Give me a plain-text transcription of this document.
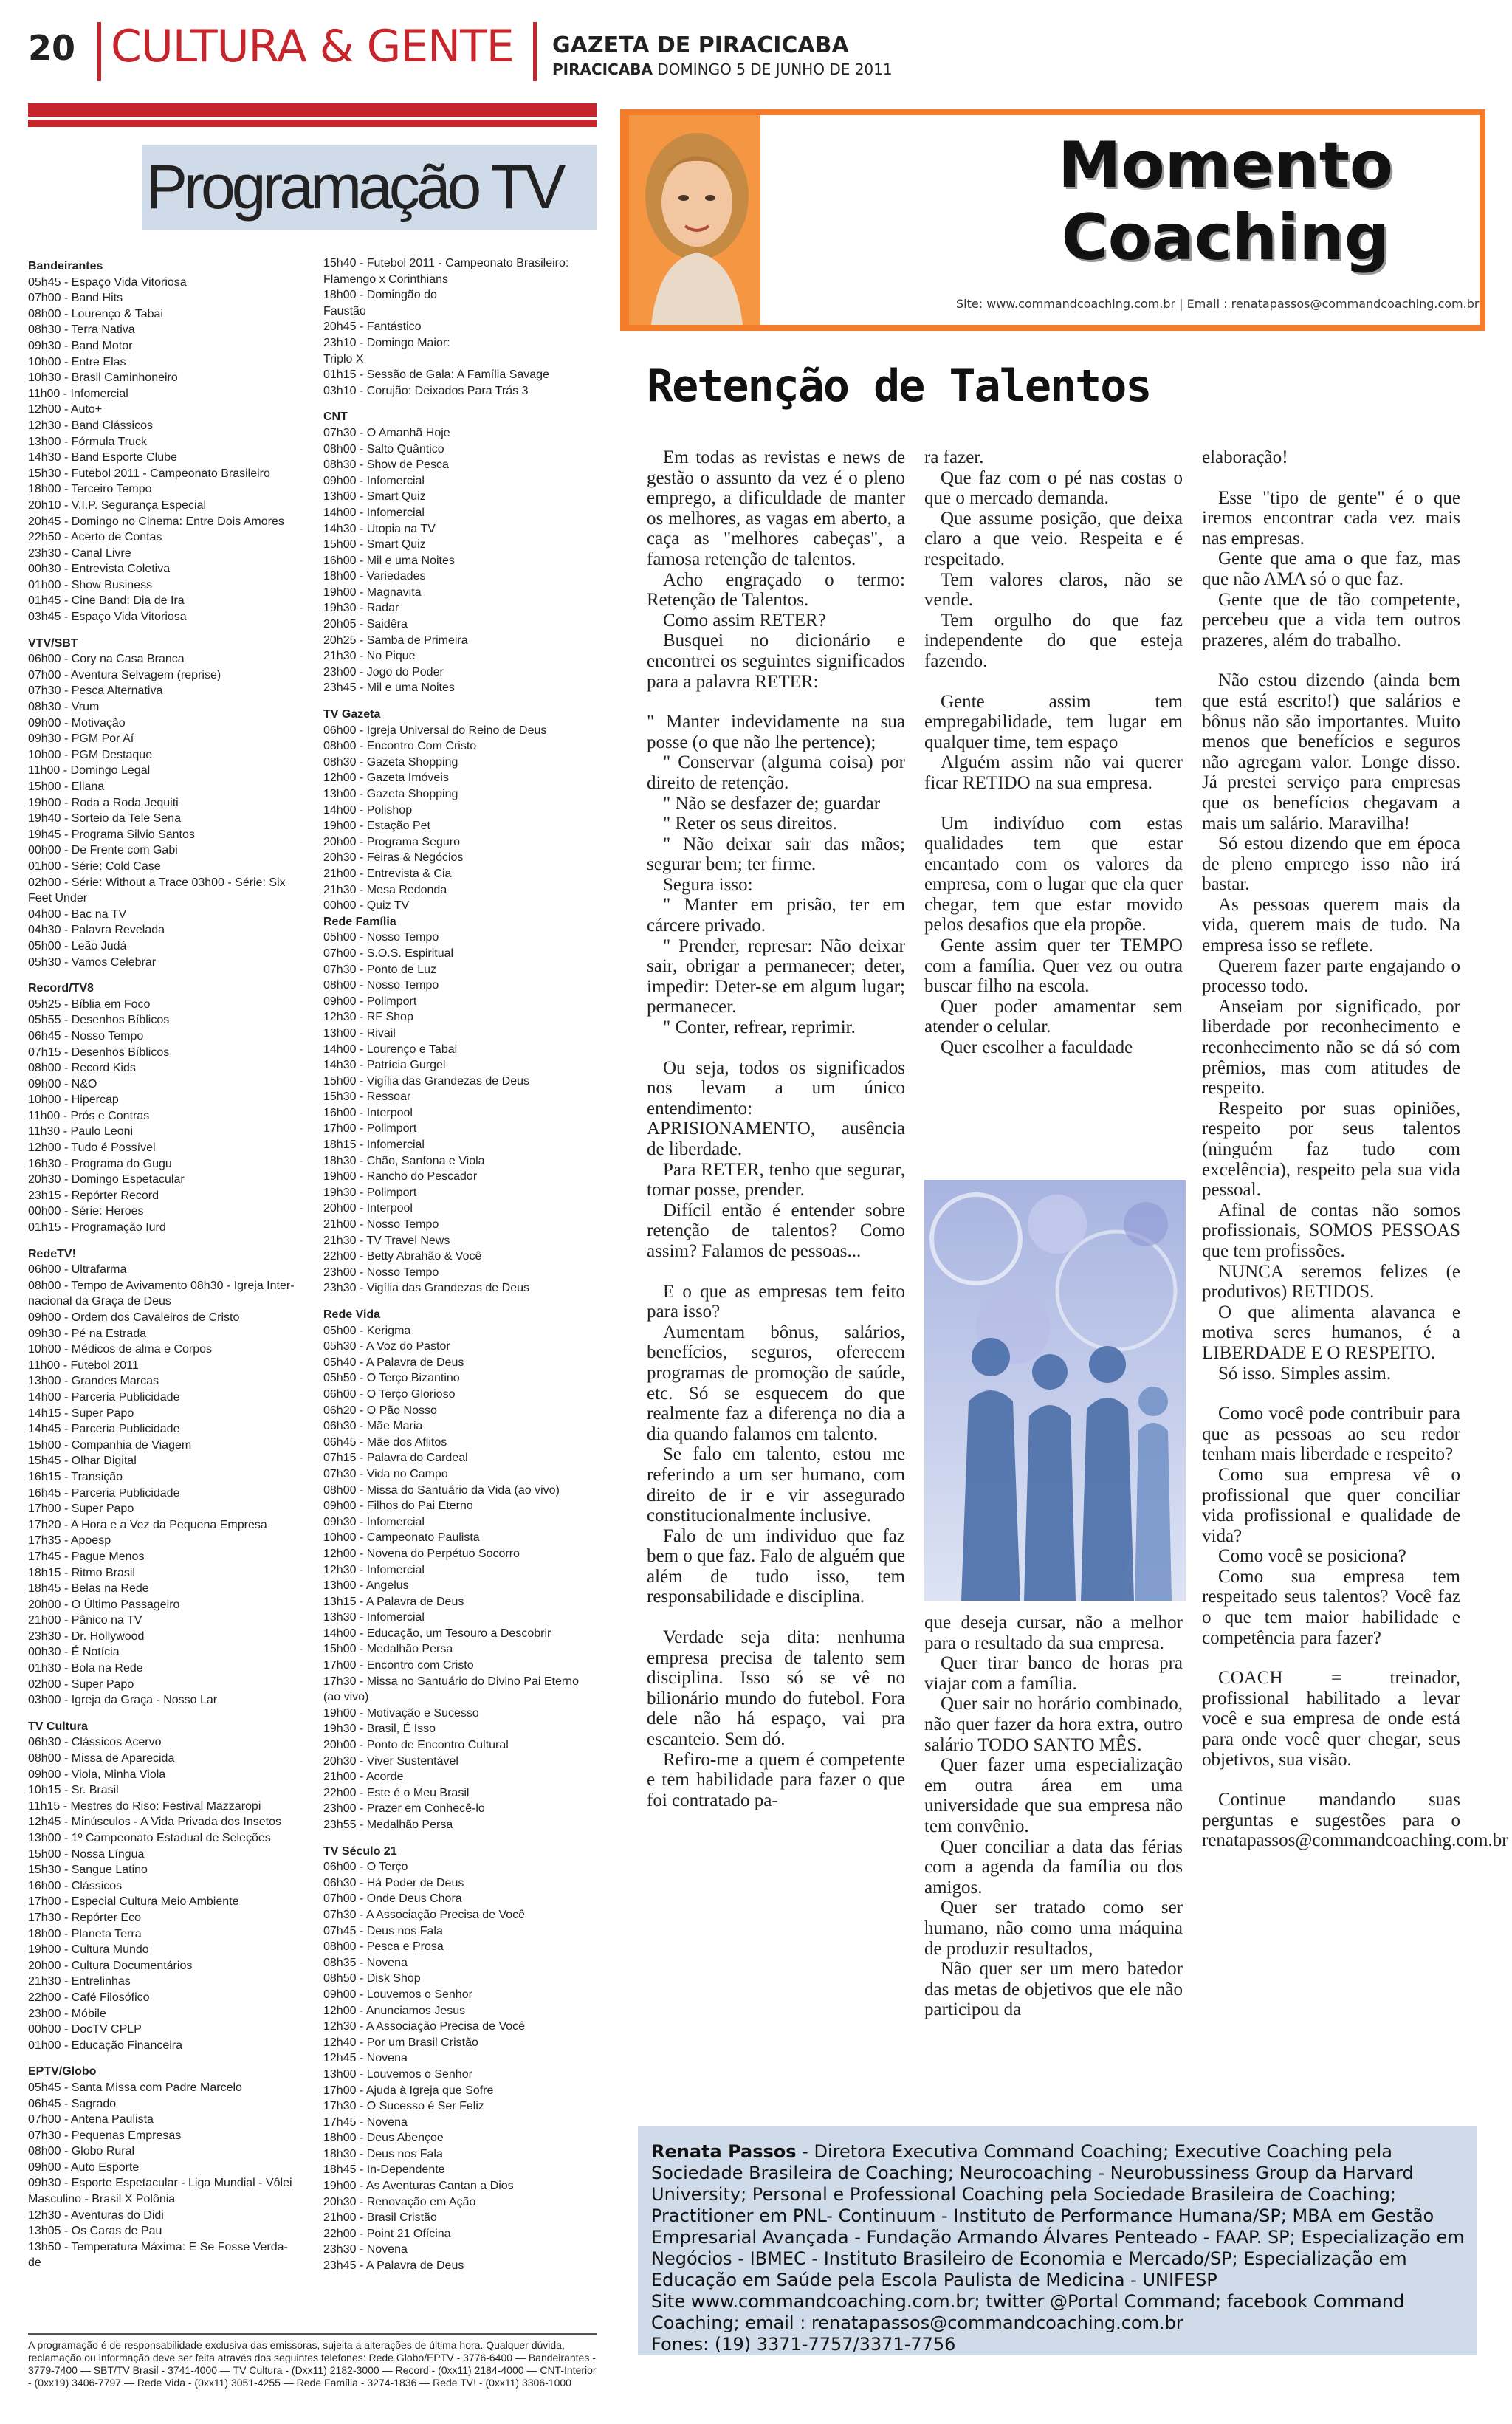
20 CULTURA & GENTE GAZETA DE PIRACICABA
PIRACICABA DOMINGO 5 DE JUNHO DE 2011
Programação TV
Bandeirantes
05h45 - Espaço Vida Vitoriosa
07h00 - Band Hits
08h00 - Lourenço & Tabai
08h30 - Terra Nativa
09h30 - Band Motor
10h00 - Entre Elas
10h30 - Brasil Caminhoneiro
11h00 - Infomercial
12h00 - Auto+
12h30 - Band Clássicos
13h00 - Fórmula Truck
14h30 - Band Esporte Clube
15h30 - Futebol 2011 - Campeonato Brasileiro
18h00 - Terceiro Tempo
20h10 - V.I.P. Segurança Especial
20h45 - Domingo no Cinema: Entre Dois Amores
22h50 - Acerto de Contas
23h30 - Canal Livre
00h30 - Entrevista Coletiva
01h00 - Show Business
01h45 - Cine Band: Dia de Ira
03h45 - Espaço Vida Vitoriosa
VTV/SBT
06h00 - Cory na Casa Branca
07h00 - Aventura Selvagem (reprise)
07h30 - Pesca Alternativa
08h30 - Vrum
09h00 - Motivação
09h30 - PGM Por Aí
10h00 - PGM Destaque
11h00 - Domingo Legal
15h00 - Eliana
19h00 - Roda a Roda Jequiti
19h40 - Sorteio da Tele Sena
19h45 - Programa Silvio Santos
00h00 - De Frente com Gabi
01h00 - Série: Cold Case
02h00 - Série: Without a Trace 03h00 - Série: Six
Feet Under
04h00 - Bac na TV
04h30 - Palavra Revelada
05h00 - Leão Judá
05h30 - Vamos Celebrar
Record/TV8
05h25 - Bíblia em Foco
05h55 - Desenhos Bíblicos
06h45 - Nosso Tempo
07h15 - Desenhos Bíblicos
08h00 - Record Kids
09h00 - N&O
10h00 - Hipercap
11h00 - Prós e Contras
11h30 - Paulo Leoni
12h00 - Tudo é Possível
16h30 - Programa do Gugu
20h30 - Domingo Espetacular
23h15 - Repórter Record
00h00 - Série: Heroes
01h15 - Programação Iurd
RedeTV!
06h00 - Ultrafarma
08h00 - Tempo de Avivamento 08h30 - Igreja Inter-
nacional da Graça de Deus
09h00 - Ordem dos Cavaleiros de Cristo
09h30 - Pé na Estrada
10h00 - Médicos de alma e Corpos
11h00 - Futebol 2011
13h00 - Grandes Marcas
14h00 - Parceria Publicidade
14h15 - Super Papo
14h45 - Parceria Publicidade
15h00 - Companhia de Viagem
15h45 - Olhar Digital
16h15 - Transição
16h45 - Parceria Publicidade
17h00 - Super Papo
17h20 - A Hora e a Vez da Pequena Empresa
17h35 - Apoesp
17h45 - Pague Menos
18h15 - Ritmo Brasil
18h45 - Belas na Rede
20h00 - O Último Passageiro
21h00 - Pânico na TV
23h30 - Dr. Hollywood
00h30 - É Notícia
01h30 - Bola na Rede
02h00 - Super Papo
03h00 - Igreja da Graça - Nosso Lar
TV Cultura
06h30 - Clássicos Acervo
08h00 - Missa de Aparecida
09h00 - Viola, Minha Viola
10h15 - Sr. Brasil
11h15 - Mestres do Riso: Festival Mazzaropi
12h45 - Minúsculos - A Vida Privada dos Insetos
13h00 - 1º Campeonato Estadual de Seleções
15h00 - Nossa Língua
15h30 - Sangue Latino
16h00 - Clássicos
17h00 - Especial Cultura Meio Ambiente
17h30 - Repórter Eco
18h00 - Planeta Terra
19h00 - Cultura Mundo
20h00 - Cultura Documentários
21h30 - Entrelinhas
22h00 - Café Filosófico
23h00 - Móbile
00h00 - DocTV CPLP
01h00 - Educação Financeira
EPTV/Globo
05h45 - Santa Missa com Padre Marcelo
06h45 - Sagrado
07h00 - Antena Paulista
07h30 - Pequenas Empresas
08h00 - Globo Rural
09h00 - Auto Esporte
09h30 - Esporte Espetacular - Liga Mundial - Vôlei
Masculino - Brasil X Polônia
12h30 - Aventuras do Didi
13h05 - Os Caras de Pau
13h50 - Temperatura Máxima: E Se Fosse Verda-
de
15h40 - Futebol 2011 - Campeonato Brasileiro:
Flamengo x Corinthians
18h00 - Domingão do
Faustão
20h45 - Fantástico
23h10 - Domingo Maior:
Triplo X
01h15 - Sessão de Gala: A Família Savage
03h10 - Corujão: Deixados Para Trás 3
CNT
07h30 - O Amanhã Hoje
08h00 - Salto Quântico
08h30 - Show de Pesca
09h00 - Infomercial
13h00 - Smart Quiz
14h00 - Infomercial
14h30 - Utopia na TV
15h00 - Smart Quiz
16h00 - Mil e uma Noites
18h00 - Variedades
19h00 - Magnavita
19h30 - Radar
20h05 - Saidêra
20h25 - Samba de Primeira
21h30 - No Pique
23h00 - Jogo do Poder
23h45 - Mil e uma Noites
TV Gazeta
06h00 - Igreja Universal do Reino de Deus
08h00 - Encontro Com Cristo
08h30 - Gazeta Shopping
12h00 - Gazeta Imóveis
13h00 - Gazeta Shopping
14h00 - Polishop
19h00 - Estação Pet
20h00 - Programa Seguro
20h30 - Feiras & Negócios
21h00 - Entrevista & Cia
21h30 - Mesa Redonda
00h00 - Quiz TV
Rede Família
05h00 - Nosso Tempo
07h00 - S.O.S. Espiritual
07h30 - Ponto de Luz
08h00 - Nosso Tempo
09h00 - Polimport
12h30 - RF Shop
13h00 - Rivail
14h00 - Lourenço e Tabai
14h30 - Patrícia Gurgel
15h00 - Vigília das Grandezas de Deus
15h30 - Ressoar
16h00 - Interpool
17h00 - Polimport
18h15 - Infomercial
18h30 - Chão, Sanfona e Viola
19h00 - Rancho do Pescador
19h30 - Polimport
20h00 - Interpool
21h00 - Nosso Tempo
21h30 - TV Travel News
22h00 - Betty Abrahão & Você
23h00 - Nosso Tempo
23h30 - Vigília das Grandezas de Deus
Rede Vida
05h00 - Kerigma
05h30 - A Voz do Pastor
05h40 - A Palavra de Deus
05h50 - O Terço Bizantino
06h00 - O Terço Glorioso
06h20 - O Pão Nosso
06h30 - Mãe Maria
06h45 - Mãe dos Aflitos
07h15 - Palavra do Cardeal
07h30 - Vida no Campo
08h00 - Missa do Santuário da Vida (ao vivo)
09h00 - Filhos do Pai Eterno
09h30 - Infomercial
10h00 - Campeonato Paulista
12h00 - Novena do Perpétuo Socorro
12h30 - Infomercial
13h00 - Angelus
13h15 - A Palavra de Deus
13h30 - Infomercial
14h00 - Educação, um Tesouro a Descobrir
15h00 - Medalhão Persa
17h00 - Encontro com Cristo
17h30 - Missa no Santuário do Divino Pai Eterno
(ao vivo)
19h00 - Motivação e Sucesso
19h30 - Brasil, É Isso
20h00 - Ponto de Encontro Cultural
20h30 - Viver Sustentável
21h00 - Acorde
22h00 - Este é o Meu Brasil
23h00 - Prazer em Conhecê-lo
23h55 - Medalhão Persa
TV Século 21
06h00 - O Terço
06h30 - Há Poder de Deus
07h00 - Onde Deus Chora
07h30 - A Associação Precisa de Você
07h45 - Deus nos Fala
08h00 - Pesca e Prosa
08h35 - Novena
08h50 - Disk Shop
09h00 - Louvemos o Senhor
12h00 - Anunciamos Jesus
12h30 - A Associação Precisa de Você
12h40 - Por um Brasil Cristão
12h45 - Novena
13h00 - Louvemos o Senhor
17h00 - Ajuda à Igreja que Sofre
17h30 - O Sucesso é Ser Feliz
17h45 - Novena
18h00 - Deus Abençoe
18h30 - Deus nos Fala
18h45 - In-Dependente
19h00 - As Aventuras Cantan a Dios
20h30 - Renovação em Ação
21h00 - Brasil Cristão
22h00 - Point 21 Ofícina
23h30 - Novena
23h45 - A Palavra de Deus
A programação é de responsabilidade exclusiva das emissoras, sujeita a alterações de última hora. Qualquer dúvida, reclamação ou informação deve ser feita através dos seguintes telefones: Rede Globo/EPTV - 3776-6400 — Bandeirantes - 3779-7400 — SBT/TV Brasil - 3741-4000 — TV Cultura - (Dxx11) 2182-3000 — Record - (0xx11) 2184-4000 — CNT-Interior - (0xx19) 3406-7797 — Rede Vida - (0xx11) 3051-4255 — Rede Família - 3274-1836 — Rede TV! - (0xx11) 3306-1000
Renata Passos
Momento Coaching
Site: www.commandcoaching.com.br | Email : renatapassos@commandcoaching.com.br
Retenção de Talentos

Em todas as revistas e news de gestão o assunto da vez é o pleno emprego, a dificuldade de manter os melhores, as vagas em aberto, a caça as "melhores cabeças", a famosa retenção de talentos.

Acho engraçado o termo: Retenção de Talentos.

Como assim RETER?

Busquei no dicionário e encontrei os seguintes significados para a palavra RETER:

" Manter indevidamente na sua posse (o que não lhe pertence);

" Conservar (alguma coisa) por direito de retenção.

" Não se desfazer de; guardar

" Reter os seus direitos.

" Não deixar sair das mãos; segurar bem; ter firme.

Segura isso:

" Manter em prisão, ter em cárcere privado.

" Prender, represar: Não deixar sair, obrigar a permanecer; deter, impedir: Deter-se em algum lugar; permanecer.

" Conter, refrear, reprimir.

Ou seja, todos os significados nos levam a um único entendimento: APRISIONAMENTO, ausência de liberdade.

Para RETER, tenho que segurar, tomar posse, prender.

Difícil então é entender sobre retenção de talentos? Como assim? Falamos de pessoas...

E o que as empresas tem feito para isso?

Aumentam bônus, salários, benefícios, seguros, oferecem programas de promoção de saúde, etc. Só se esquecem do que realmente faz a diferença no dia a dia quando falamos em talento.

Se falo em talento, estou me referindo a um ser humano, com direito de ir e vir assegurado constitucionalmente inclusive.

Falo de um individuo que faz bem o que faz. Falo de alguém que além de tudo isso, tem responsabilidade e disciplina.

Verdade seja dita: nenhuma empresa precisa de talento sem disciplina. Isso só se vê no bilionário mundo do futebol. Fora dele não há espaço, vai pra escanteio. Sem dó.

Refiro-me a quem é competente e tem habilidade para fazer o que foi contratado pa-

ra fazer.

Que faz com o pé nas costas o que o mercado demanda.

Que assume posição, que deixa claro a que veio. Respeita e é respeitado.

Tem valores claros, não se vende.

Tem orgulho do que faz independente do que esteja fazendo.

Gente assim tem empregabilidade, tem lugar em qualquer time, tem espaço

Alguém assim não vai querer ficar RETIDO na sua empresa.

Um indivíduo com estas qualidades tem que estar encantado com os valores da empresa, com o lugar que ela quer chegar, tem que estar movido pelos desafios que ela propõe.

Gente assim quer ter TEMPO com a família. Quer vez ou outra buscar filho na escola.

Quer poder amamentar sem atender o celular.

Quer escolher a faculdade

que deseja cursar, não a melhor para o resultado da sua empresa.

Quer tirar banco de horas pra viajar com a família.

Quer sair no horário combinado, não quer fazer da hora extra, outro salário TODO SANTO MÊS.

Quer fazer uma especialização em outra área em uma universidade que sua empresa não tem convênio.

Quer conciliar a data das férias com a agenda da família ou dos amigos.

Quer ser tratado como ser humano, não como uma máquina de produzir resultados,

Não quer ser um mero batedor das metas de objetivos que ele não participou da

elaboração!

Esse "tipo de gente" é o que iremos encontrar cada vez mais nas empresas.

Gente que ama o que faz, mas que não AMA só o que faz.

Gente que de tão competente, percebeu que a vida tem outros prazeres, além do trabalho.

Não estou dizendo (ainda bem que está escrito!) que salários e bônus não são importantes. Muito menos que benefícios e seguros não agregam valor. Longe disso. Já prestei serviço para empresas que os benefícios chegavam a mais um salário. Maravilha!

Só estou dizendo que em época de pleno emprego isso não irá bastar.

As pessoas querem mais da vida, querem mais de tudo. Na empresa isso se reflete.

Querem fazer parte engajando o processo todo.

Anseiam por significado, por liberdade por reconhecimento e reconhecimento não se dá só com prêmios, mas com atitudes de respeito.

Respeito por suas opiniões, respeito por seus talentos (ninguém faz tudo com excelência), respeito pela sua vida pessoal.

Afinal de contas não somos profissionais, SOMOS PESSOAS que tem profissões.

NUNCA seremos felizes (e produtivos) RETIDOS.

O que alimenta alavanca e motiva seres humanos, é a LIBERDADE E O RESPEITO.

Só isso. Simples assim.

Como você pode contribuir para que as pessoas ao seu redor tenham mais liberdade e respeito?

Como sua empresa vê o profissional que quer conciliar vida profissional e qualidade de vida?

Como você se posiciona?

Como sua empresa tem respeitado seus talentos? Você faz o que tem maior habilidade e competência para fazer?

COACH = treinador, profissional habilitado a levar você e sua empresa de onde está para onde você quer chegar, seus objetivos, sua visão.

Continue mandando suas perguntas e sugestões para o renatapassos@commandcoaching.com.br

Renata Passos - Diretora Executiva Command Coaching; Executive Coaching pela Sociedade Brasileira de Coaching; Neurocoaching - Neurobussiness Group da Harvard University; Personal e Professional Coaching pela Sociedade Brasileira de Coaching; Practitioner em PNL- Continuum - Instituto de Performance Humana/SP; MBA em Gestão Empresarial Avançada - Fundação Armando Álvares Penteado - FAAP. SP; Especialização em Negócios - IBMEC - Instituto Brasileiro de Economia e Mercado/SP; Especialização em Educação em Saúde pela Escola Paulista de Medicina - UNIFESP
Site www.commandcoaching.com.br; twitter @Portal Command; facebook Command Coaching; email : renatapassos@commandcoaching.com.br
Fones: (19) 3371-7757/3371-7756
